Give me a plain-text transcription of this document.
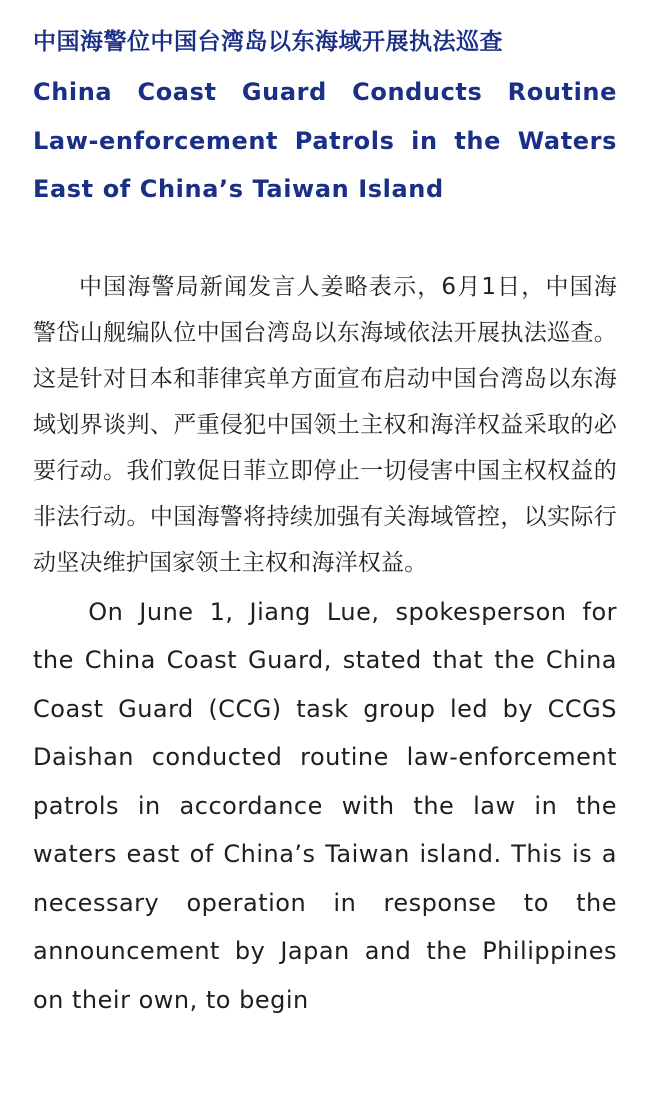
中国海警位中国台湾岛以东海域开展执法巡查
China Coast Guard Conducts Routine Law-enforcement Patrols in the Waters East of China’s Taiwan Island
中国海警局新闻发言人姜略表示，6月1日，中国海警岱山舰编队位中国台湾岛以东海域依法开展执法巡查。这是针对日本和菲律宾单方面宣布启动中国台湾岛以东海域划界谈判、严重侵犯中国领土主权和海洋权益采取的必要行动。我们敦促日菲立即停止一切侵害中国主权权益的非法行动。中国海警将持续加强有关海域管控，以实际行动坚决维护国家领土主权和海洋权益。
On June 1, Jiang Lue, spokesperson for the China Coast Guard, stated that the China Coast Guard (CCG) task group led by CCGS Daishan conducted routine law-enforcement patrols in accordance with the law in the waters east of China’s Taiwan island. This is a necessary operation in response to the announcement by Japan and the Philippines on their own, to begin
